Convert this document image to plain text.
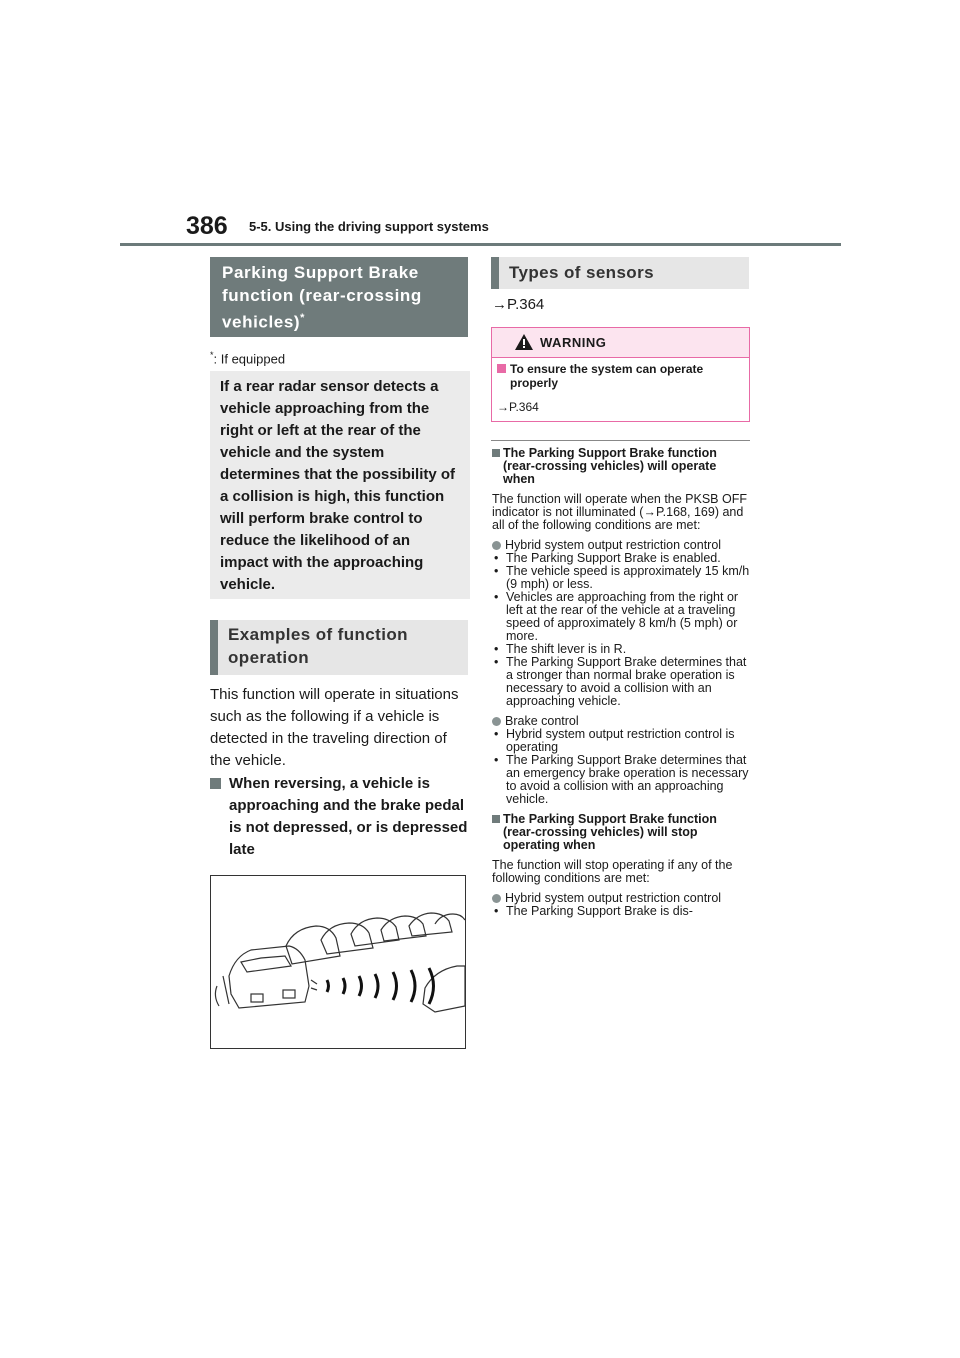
386 5-5. Using the driving support systems
Parking Support Brake function (rear-crossing vehicles)*
*: If equipped
If a rear radar sensor detects a vehicle approaching from the right or left at the rear of the vehicle and the system determines that the possibility of a collision is high, this function will perform brake control to reduce the likelihood of an impact with the approaching vehicle.
Examples of function operation
This function will operate in situations such as the following if a vehicle is detected in the traveling direction of the vehicle.
When reversing, a vehicle is approaching and the brake pedal is not depressed, or is depressed late
Types of sensors
→P.364
WARNING
To ensure the system can operate properly
→P.364
The Parking Support Brake function (rear-crossing vehicles) will operate when
The function will operate when the PKSB OFF indicator is not illuminated (→P.168, 169) and all of the following conditions are met:
Hybrid system output restriction control
• The Parking Support Brake is enabled.
• The vehicle speed is approximately 15 km/h (9 mph) or less.
• Vehicles are approaching from the right or left at the rear of the vehicle at a traveling speed of approximately 8 km/h (5 mph) or more.
• The shift lever is in R.
• The Parking Support Brake determines that a stronger than normal brake operation is necessary to avoid a collision with an approaching vehicle.
Brake control
• Hybrid system output restriction control is operating
• The Parking Support Brake determines that an emergency brake operation is necessary to avoid a collision with an approaching vehicle.
The Parking Support Brake function (rear-crossing vehicles) will stop operating when
The function will stop operating if any of the following conditions are met:
Hybrid system output restriction control
• The Parking Support Brake is dis-
